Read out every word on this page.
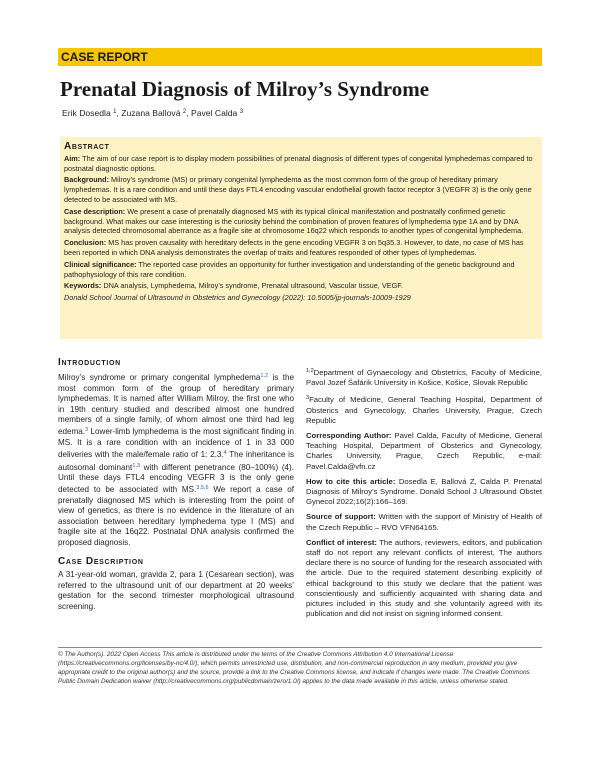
CASE REPORT
Prenatal Diagnosis of Milroy’s Syndrome
Erik Dosedla $^1$, Zuzana Ballová $^2$, Pavel Calda $^3$
Abstract

Aim: The aim of our case report is to display modern possibilities of prenatal diagnosis of different types of congenital lymphedemas compared to postnatal diagnostic options.

Background: Milroy’s syndrome (MS) or primary congenital lymphedema as the most common form of the group of hereditary primary lymphedemas. It is a rare condition and until these days FTL4 encoding vascular endothelial growth factor receptor 3 (VEGFR 3) is the only gene detected to be associated with MS.

Case description: We present a case of prenatally diagnosed MS with its typical clinical manifestation and postnatally confirmed genetic background. What makes our case interesting is the curiosity behind the combination of proven features of lymphedema type 1A and by DNA analysis detected chromosomal aberrance as a fragile site at chromosome 16q22 which responds to another types of congenital lymphedema.

Conclusion: MS has proven causality with hereditary defects in the gene encoding VEGFR 3 on 5q35.3. However, to date, no case of MS has been reported in which DNA analysis demonstrates the overlap of traits and features responded of other types of lymphedemas.

Clinical significance: The reported case provides an opportunity for further investigation and understanding of the genetic background and pathophysiology of this rare condition.

Keywords: DNA analysis, Lymphedema, Milroy’s syndrome, Prenatal ultrasound, Vascular tissue, VEGF.

Donald School Journal of Ultrasound in Obstetrics and Gynecology (2022): 10.5005/jp-journals-10009-1929

Introduction

Milroy’s syndrome or primary congenital lymphedema$^{1,2}$ is the most common form of the group of hereditary primary lymphedemas. It is named after William Milroy, the first one who in 19th century studied and described almost one hundred members of a single family, of whom almost one third had leg edema.$^3$ Lower-limb lymphedema is the most significant finding in MS. It is a rare condition with an incidence of 1 in 33 000 deliveries with the male/female ratio of 1: 2.3.$^4$ The inheritance is autosomal dominant$^{1,3}$ with different penetrance (80–100%) (4). Until these days FTL4 encoding VEGFR 3 is the only gene detected to be associated with MS.$^{3,5,6}$ We report a case of prenatally diagnosed MS which is interesting from the point of view of genetics, as there is no evidence in the literature of an association between hereditary lymphedema type I (MS) and fragile site at the 16q22. Postnatal DNA analysis confirmed the proposed diagnosis.

Case Description

A 31-year-old woman, gravida 2, para 1 (Cesarean section), was referred to the ultrasound unit of our department at 20 weeks’ gestation for the second trimester morphological ultrasound screening.

$^{1,2}$Department of Gynaecology and Obstetrics, Faculty of Medicine, Pavol Jozef Šafárik University in Košice, Košice, Slovak Republic

$^3$Faculty of Medicine, General Teaching Hospital, Department of Obsterics and Gynecology, Charles University, Prague, Czech Republic

Corresponding Author: Pavel Calda, Faculty of Medicine, General Teaching Hospital, Department of Obsterics and Gynecology, Charles University, Prague, Czech Republic, e-mail: Pavel.Calda@vfn.cz

How to cite this article: Dosedla E, Ballová Z, Calda P. Prenatal Diagnosis of Milroy’s Syndrome. Donald School J Ultrasound Obstet Gynecol 2022;16(2):166–169.

Source of support: Written with the support of Ministry of Health of the Czech Republic – RVO VFN64165.

Conflict of interest: The authors, reviewers, editors, and publication staff do not report any relevant conflicts of interest. The authors declare there is no source of funding for the research associated with the article. Due to the required statement describing explicitly of ethical background to this study we declare that the patient was conscientiously and sufficiently acquainted with sharing data and pictures included in this study and she voluntarily agreed with its publication and did not insist on signing informed consent.

© The Author(s). 2022 Open Access This article is distributed under the terms of the Creative Commons Attribution 4.0 International License (https://creativecommons.org/licenses/by-nc/4.0/), which permits unrestricted use, distribution, and non-commercial reproduction in any medium, provided you give appropriate credit to the original author(s) and the source, provide a link to the Creative Commons license, and indicate if changes were made. The Creative Commons Public Domain Dedication waiver (http://creativecommons.org/publicdomain/zero/1.0/) applies to the data made available in this article, unless otherwise stated.
